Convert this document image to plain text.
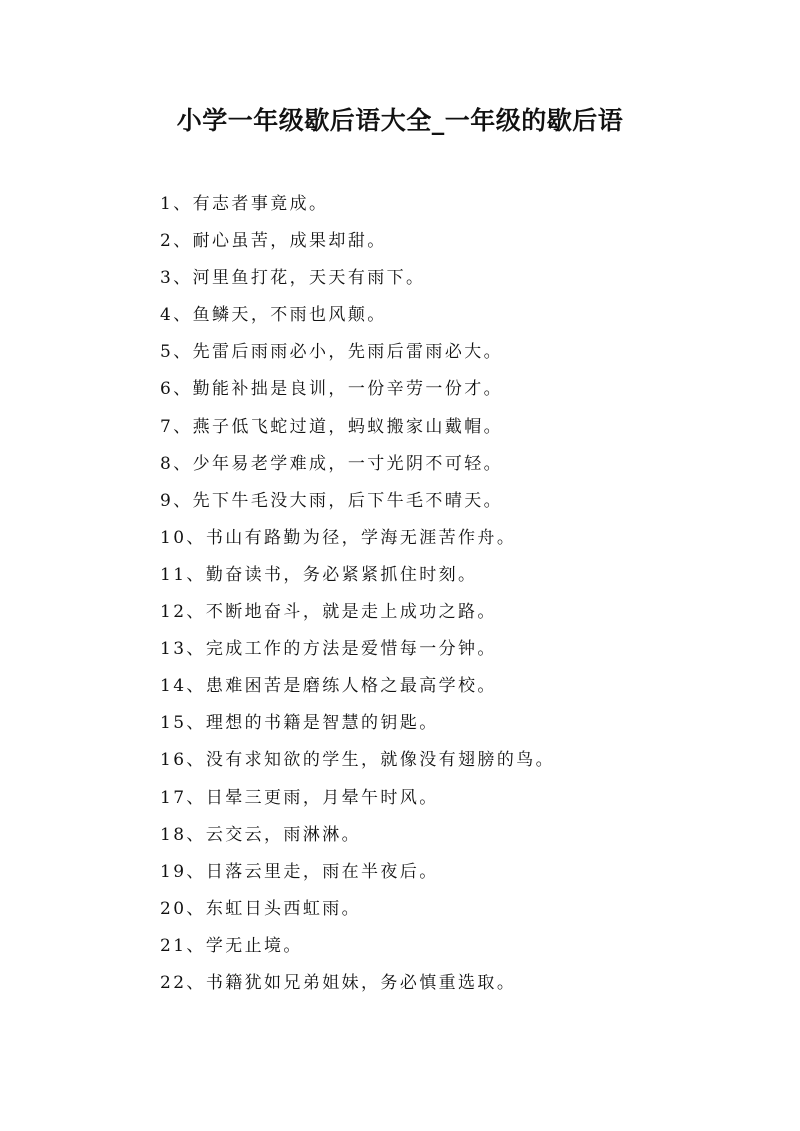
小学一年级歇后语大全_一年级的歇后语
1、有志者事竟成。
2、耐心虽苦，成果却甜。
3、河里鱼打花，天天有雨下。
4、鱼鳞天，不雨也风颠。
5、先雷后雨雨必小，先雨后雷雨必大。
6、勤能补拙是良训，一份辛劳一份才。
7、燕子低飞蛇过道，蚂蚁搬家山戴帽。
8、少年易老学难成，一寸光阴不可轻。
9、先下牛毛没大雨，后下牛毛不晴天。
10、书山有路勤为径，学海无涯苦作舟。
11、勤奋读书，务必紧紧抓住时刻。
12、不断地奋斗，就是走上成功之路。
13、完成工作的方法是爱惜每一分钟。
14、患难困苦是磨练人格之最高学校。
15、理想的书籍是智慧的钥匙。
16、没有求知欲的学生，就像没有翅膀的鸟。
17、日晕三更雨，月晕午时风。
18、云交云，雨淋淋。
19、日落云里走，雨在半夜后。
20、东虹日头西虹雨。
21、学无止境。
22、书籍犹如兄弟姐妹，务必慎重选取。
